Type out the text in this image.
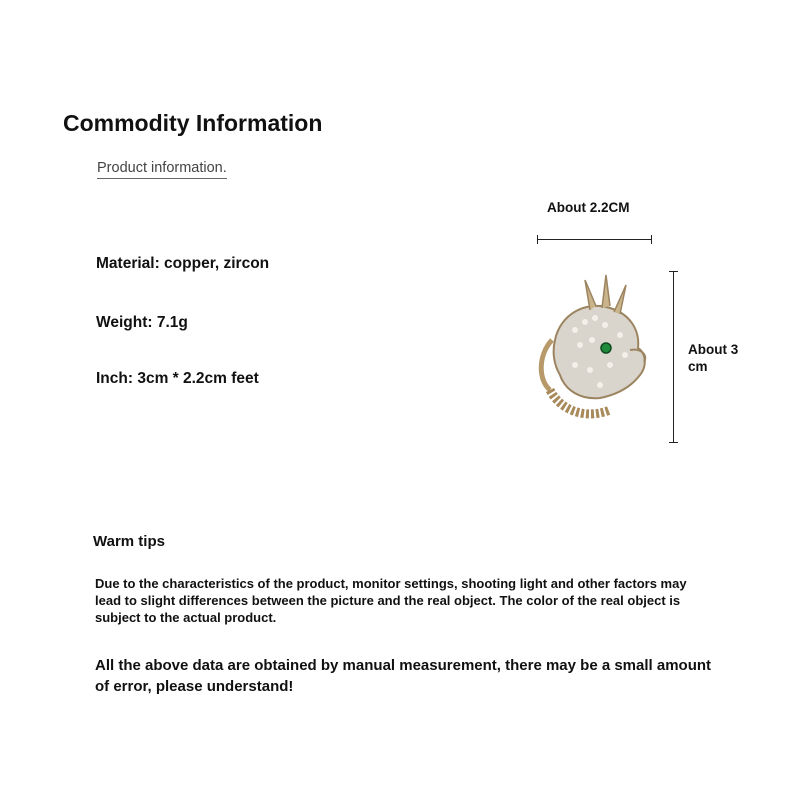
Commodity Information
Product information.
Material: copper, zircon
Weight: 7.1g
Inch: 3cm * 2.2cm feet
About 2.2CM
About 3 cm
Warm tips
Due to the characteristics of the product, monitor settings, shooting light and other factors may lead to slight differences between the picture and the real object. The color of the real object is subject to the actual product.
All the above data are obtained by manual measurement, there may be a small amount of error, please understand!
